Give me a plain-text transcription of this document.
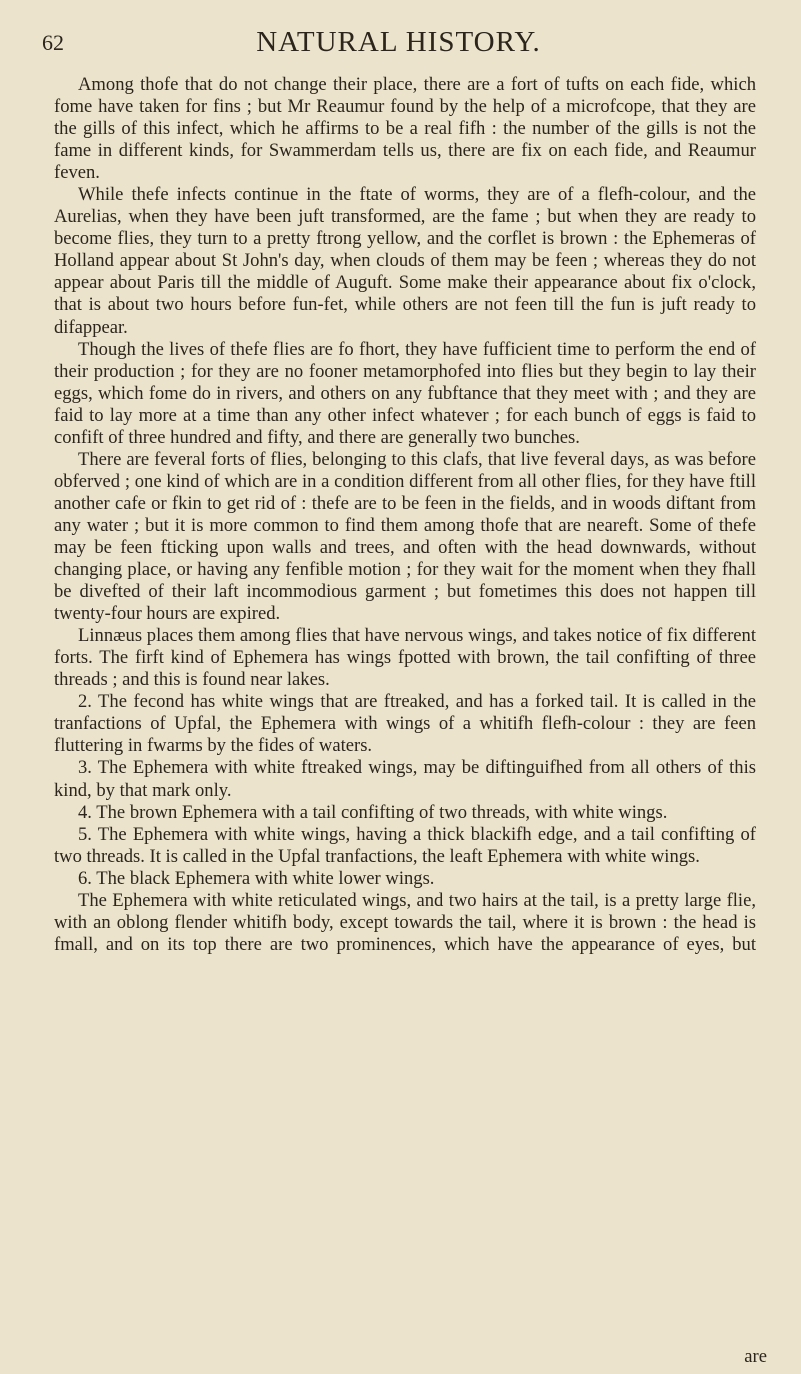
62	NATURAL HISTORY.

Among thofe that do not change their place, there are a fort of tufts on each fide, which fome have taken for fins ; but Mr Reaumur found by the help of a microfcope, that they are the gills of this infect, which he affirms to be a real fifh : the number of the gills is not the fame in different kinds, for Swammerdam tells us, there are fix on each fide, and Reaumur feven.

While thefe infects continue in the ftate of worms, they are of a flefh-colour, and the Aurelias, when they have been juft transformed, are the fame ; but when they are ready to become flies, they turn to a pretty ftrong yellow, and the corflet is brown : the Ephemeras of Holland appear about St John's day, when clouds of them may be feen ; whereas they do not appear about Paris till the middle of Auguft. Some make their appearance about fix o'clock, that is about two hours before fun-fet, while others are not feen till the fun is juft ready to difappear.

Though the lives of thefe flies are fo fhort, they have fufficient time to perform the end of their production ; for they are no fooner metamorphofed into flies but they begin to lay their eggs, which fome do in rivers, and others on any fubftance that they meet with ; and they are faid to lay more at a time than any other infect whatever ; for each bunch of eggs is faid to confift of three hundred and fifty, and there are generally two bunches.

There are feveral forts of flies, belonging to this clafs, that live feveral days, as was before obferved ; one kind of which are in a condition different from all other flies, for they have ftill another cafe or fkin to get rid of : thefe are to be feen in the fields, and in woods diftant from any water ; but it is more common to find them among thofe that are neareft. Some of thefe may be feen fticking upon walls and trees, and often with the head downwards, without changing place, or having any fenfible motion ; for they wait for the moment when they fhall be divefted of their laft incommodious garment ; but fometimes this does not happen till twenty-four hours are expired.

Linnæus places them among flies that have nervous wings, and takes notice of fix different forts. The firft kind of Ephemera has wings fpotted with brown, the tail confifting of three threads ; and this is found near lakes.

2. The fecond has white wings that are ftreaked, and has a forked tail. It is called in the tranfactions of Upfal, the Ephemera with wings of a whitifh flefh-colour : they are feen fluttering in fwarms by the fides of waters.

3. The Ephemera with white ftreaked wings, may be diftinguifhed from all others of this kind, by that mark only.

4. The brown Ephemera with a tail confifting of two threads, with white wings.

5. The Ephemera with white wings, having a thick blackifh edge, and a tail confifting of two threads. It is called in the Upfal tranfactions, the leaft Ephemera with white wings.

6. The black Ephemera with white lower wings.

The Ephemera with white reticulated wings, and two hairs at the tail, is a pretty large flie, with an oblong flender whitifh body, except towards the tail, where it is brown : the head is fmall, and on its top there are two prominences, which have the appearance of eyes, but

are
